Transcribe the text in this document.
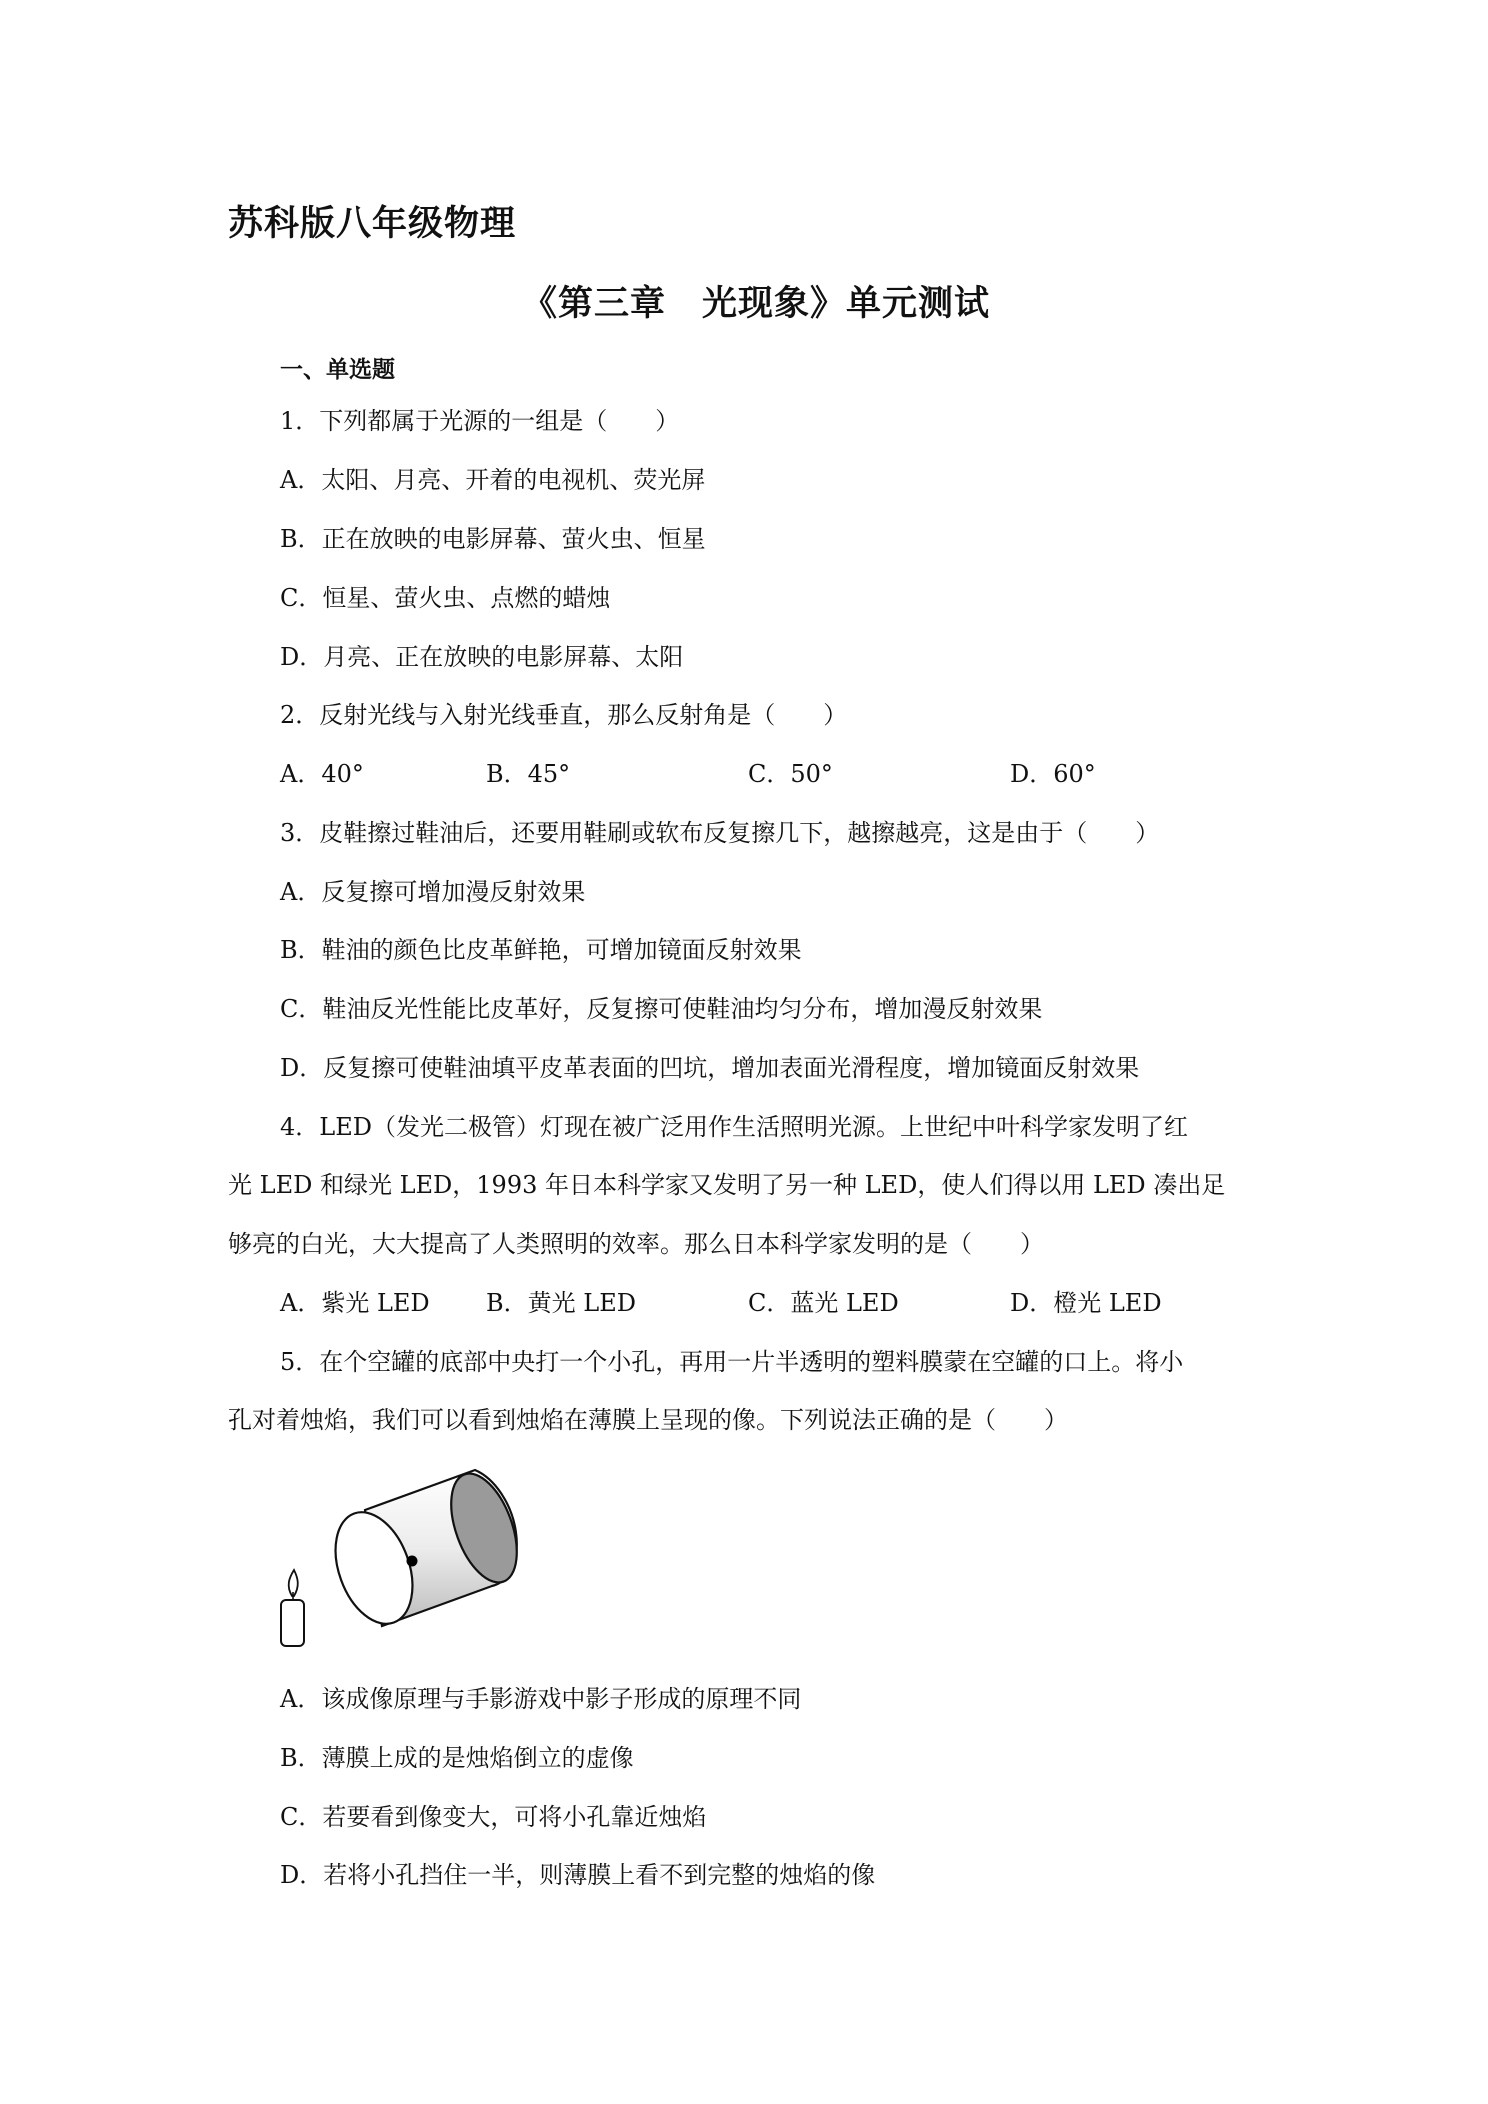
苏科版八年级物理
《第三章　光现象》单元测试
一、单选题
1．下列都属于光源的一组是（　　）
A．太阳、月亮、开着的电视机、荧光屏
B．正在放映的电影屏幕、萤火虫、恒星
C．恒星、萤火虫、点燃的蜡烛
D．月亮、正在放映的电影屏幕、太阳
2．反射光线与入射光线垂直，那么反射角是（　　）
A．40°	B．45°	C．50°	D．60°
3．皮鞋擦过鞋油后，还要用鞋刷或软布反复擦几下，越擦越亮，这是由于（　　）
A．反复擦可增加漫反射效果
B．鞋油的颜色比皮革鲜艳，可增加镜面反射效果
C．鞋油反光性能比皮革好，反复擦可使鞋油均匀分布，增加漫反射效果
D．反复擦可使鞋油填平皮革表面的凹坑，增加表面光滑程度，增加镜面反射效果
4．LED（发光二极管）灯现在被广泛用作生活照明光源。上世纪中叶科学家发明了红
光 LED 和绿光 LED，1993 年日本科学家又发明了另一种 LED，使人们得以用 LED 凑出足
够亮的白光，大大提高了人类照明的效率。那么日本科学家发明的是（　　）
A．紫光 LED B．黄光 LED	C．蓝光 LED	D．橙光 LED
5．在个空罐的底部中央打一个小孔，再用一片半透明的塑料膜蒙在空罐的口上。将小
孔对着烛焰，我们可以看到烛焰在薄膜上呈现的像。下列说法正确的是（　　）
A．该成像原理与手影游戏中影子形成的原理不同
B．薄膜上成的是烛焰倒立的虚像
C．若要看到像变大，可将小孔靠近烛焰
D．若将小孔挡住一半，则薄膜上看不到完整的烛焰的像
